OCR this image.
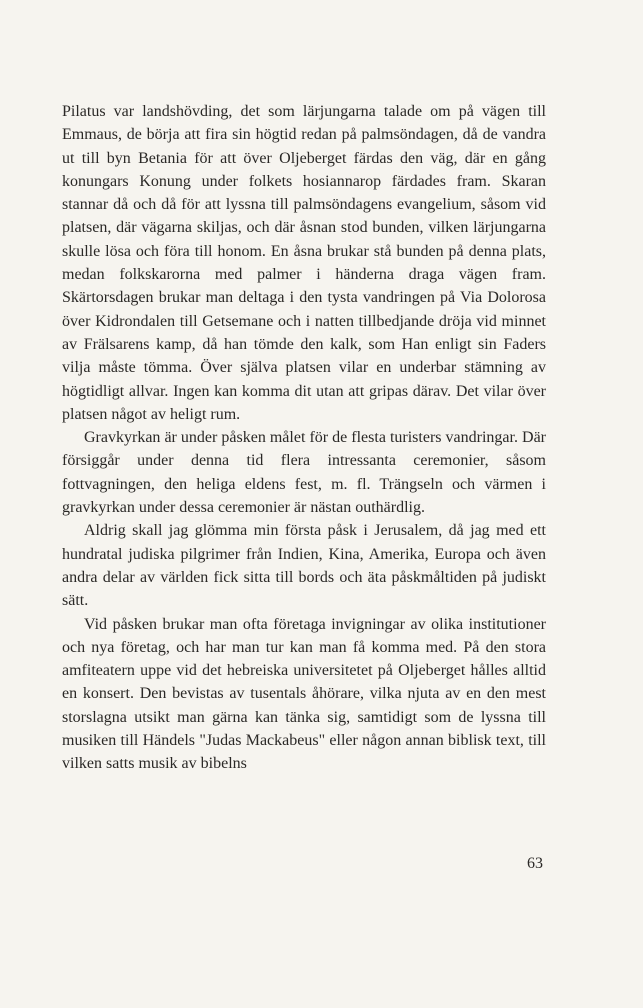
Pilatus var landshövding, det som lärjungarna talade om på vägen till Emmaus, de börja att fira sin högtid redan på palmsöndagen, då de vandra ut till byn Betania för att över Oljeberget färdas den väg, där en gång konungars Konung under folkets hosiannarop färdades fram. Skaran stannar då och då för att lyssna till palmsöndagens evangelium, såsom vid platsen, där vägarna skiljas, och där åsnan stod bunden, vilken lärjungarna skulle lösa och föra till honom. En åsna brukar stå bunden på denna plats, medan folkskarorna med palmer i händerna draga vägen fram. Skärtorsdagen brukar man deltaga i den tysta vandringen på Via Dolorosa över Kidrondalen till Getsemane och i natten tillbedjande dröja vid minnet av Frälsarens kamp, då han tömde den kalk, som Han enligt sin Faders vilja måste tömma. Över själva platsen vilar en underbar stämning av högtidligt allvar. Ingen kan komma dit utan att gripas därav. Det vilar över platsen något av heligt rum.

Gravkyrkan är under påsken målet för de flesta turisters vandringar. Där försiggår under denna tid flera intressanta ceremonier, såsom fottvagningen, den heliga eldens fest, m. fl. Trängseln och värmen i gravkyrkan under dessa ceremonier är nästan outhärdlig.

Aldrig skall jag glömma min första påsk i Jerusalem, då jag med ett hundratal judiska pilgrimer från Indien, Kina, Amerika, Europa och även andra delar av världen fick sitta till bords och äta påskmåltiden på judiskt sätt.

Vid påsken brukar man ofta företaga invigningar av olika institutioner och nya företag, och har man tur kan man få komma med. På den stora amfiteatern uppe vid det hebreiska universitetet på Oljeberget hålles alltid en konsert. Den bevistas av tusentals åhörare, vilka njuta av en den mest storslagna utsikt man gärna kan tänka sig, samtidigt som de lyssna till musiken till Händels "Judas Mackabeus" eller någon annan biblisk text, till vilken satts musik av bibelns

63
